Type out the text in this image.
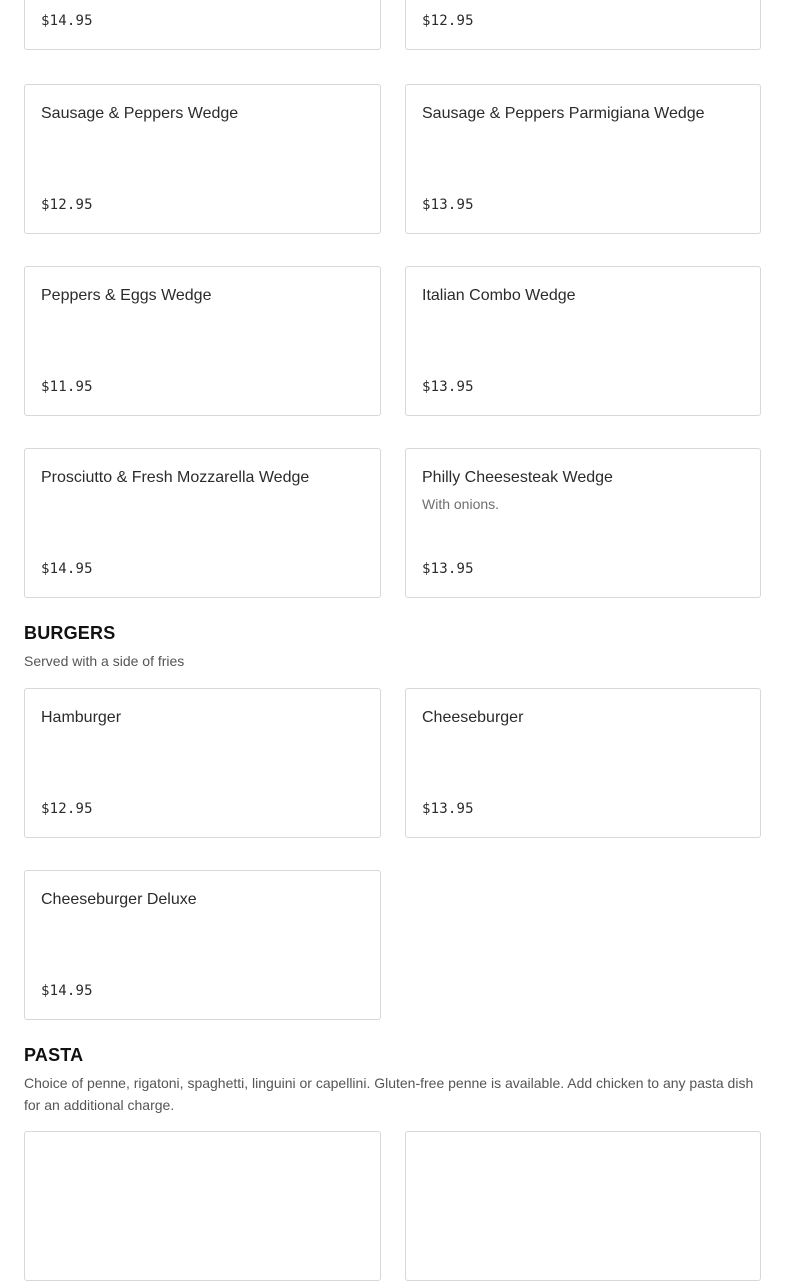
$14.95	$12.95
Sausage & Peppers Wedge
$12.95
Sausage & Peppers Parmigiana Wedge
$13.95
Peppers & Eggs Wedge
$11.95
Italian Combo Wedge
$13.95
Prosciutto & Fresh Mozzarella Wedge
$14.95
Philly Cheesesteak Wedge
With onions.
$13.95
BURGERS

Served with a side of fries

Hamburger
$12.95
Cheeseburger
$13.95
Cheeseburger Deluxe
$14.95
PASTA

Choice of penne, rigatoni, spaghetti, linguini or capellini. Gluten-free penne is available. Add chicken to any pasta dish for an additional charge.
